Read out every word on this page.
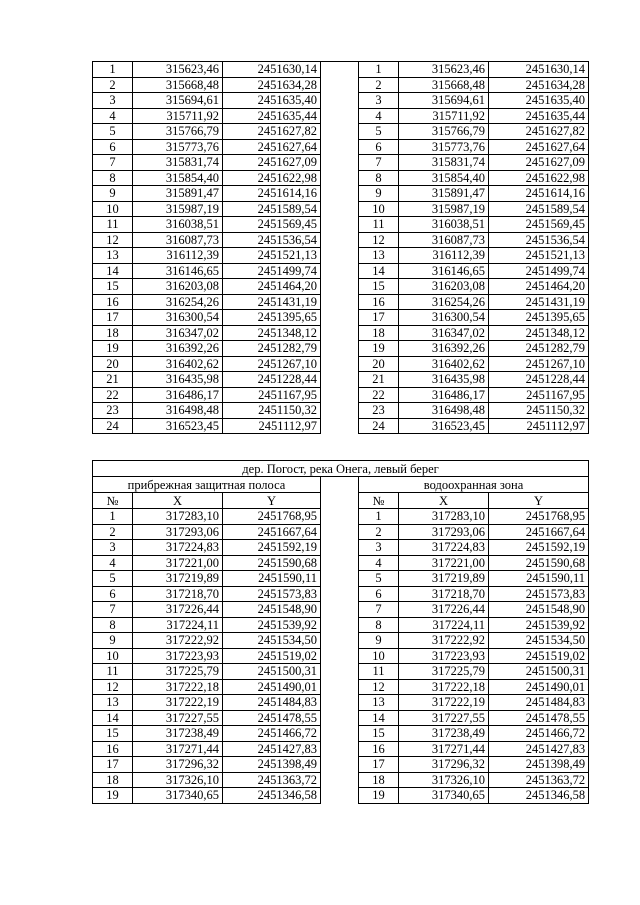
1	315623,46	2451630,14		1	315623,46	2451630,14
2	315668,48	2451634,28		2	315668,48	2451634,28
3	315694,61	2451635,40		3	315694,61	2451635,40
4	315711,92	2451635,44		4	315711,92	2451635,44
5	315766,79	2451627,82		5	315766,79	2451627,82
6	315773,76	2451627,64		6	315773,76	2451627,64
7	315831,74	2451627,09		7	315831,74	2451627,09
8	315854,40	2451622,98		8	315854,40	2451622,98
9	315891,47	2451614,16		9	315891,47	2451614,16
10	315987,19	2451589,54		10	315987,19	2451589,54
11	316038,51	2451569,45		11	316038,51	2451569,45
12	316087,73	2451536,54		12	316087,73	2451536,54
13	316112,39	2451521,13		13	316112,39	2451521,13
14	316146,65	2451499,74		14	316146,65	2451499,74
15	316203,08	2451464,20		15	316203,08	2451464,20
16	316254,26	2451431,19		16	316254,26	2451431,19
17	316300,54	2451395,65		17	316300,54	2451395,65
18	316347,02	2451348,12		18	316347,02	2451348,12
19	316392,26	2451282,79		19	316392,26	2451282,79
20	316402,62	2451267,10		20	316402,62	2451267,10
21	316435,98	2451228,44		21	316435,98	2451228,44
22	316486,17	2451167,95		22	316486,17	2451167,95
23	316498,48	2451150,32		23	316498,48	2451150,32
24	316523,45	2451112,97		24	316523,45	2451112,97
дер. Погост, река Онега, левый берег						
прибрежная защитная полоса				водоохранная зона		
№	X	Y		№	X	Y
1	317283,10	2451768,95		1	317283,10	2451768,95
2	317293,06	2451667,64		2	317293,06	2451667,64
3	317224,83	2451592,19		3	317224,83	2451592,19
4	317221,00	2451590,68		4	317221,00	2451590,68
5	317219,89	2451590,11		5	317219,89	2451590,11
6	317218,70	2451573,83		6	317218,70	2451573,83
7	317226,44	2451548,90		7	317226,44	2451548,90
8	317224,11	2451539,92		8	317224,11	2451539,92
9	317222,92	2451534,50		9	317222,92	2451534,50
10	317223,93	2451519,02		10	317223,93	2451519,02
11	317225,79	2451500,31		11	317225,79	2451500,31
12	317222,18	2451490,01		12	317222,18	2451490,01
13	317222,19	2451484,83		13	317222,19	2451484,83
14	317227,55	2451478,55		14	317227,55	2451478,55
15	317238,49	2451466,72		15	317238,49	2451466,72
16	317271,44	2451427,83		16	317271,44	2451427,83
17	317296,32	2451398,49		17	317296,32	2451398,49
18	317326,10	2451363,72		18	317326,10	2451363,72
19	317340,65	2451346,58		19	317340,65	2451346,58
